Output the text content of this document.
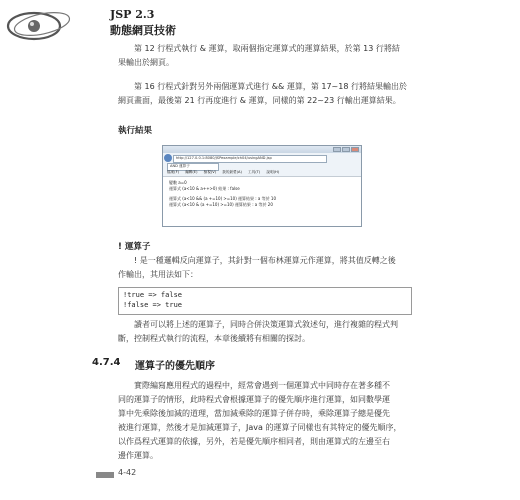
JSP 2.3
動態網頁技術
第 12 行程式執行 & 運算，取兩個指定運算式的運算結果，於第 13 行將結
果輸出於網頁。
第 16 行程式針對另外兩個運算式進行 && 運算，第 17~18 行將結果輸出於
網頁畫面，最後第 21 行再度進行 & 運算，同樣的第 22~23 行輸出運算結果。
執行結果
http://127.0.0.1:8080/JSPexample/ch04/usingAND.jsp
AND 運算子
檔案(F) 編輯(E) 檢視(V) 我的最愛(A) 工具(T) 說明(H)
變數 a=0
運算式 (a<10 & a++>0) 結果 : false
運算式 (a<10 && (a +=10) >=10) 運算結果 : a 等於 10
運算式 (a<10 & (a +=10) >=10) 運算結果 : a 等於 20
! 運算子
! 是一種邏輯反向運算子，其針對一個布林運算元作運算，將其值反轉之後
作輸出，其用法如下：
!true => false
!false => true
讀者可以將上述的運算子，同時合併決策運算式敘述句，進行複雜的程式判
斷，控制程式執行的流程，本章後續將有相關的探討。
4.7.4 運算子的優先順序
實際編寫應用程式的過程中，經常會遇到一個運算式中同時存在著多種不
同的運算子的情形，此時程式會根據運算子的優先順序進行運算，如同數學運
算中先乘除後加減的道理，當加減乘除的運算子併存時，乘除運算子總是優先
被進行運算，然後才是加減運算子，Java 的運算子同樣也有其特定的優先順序，
以作爲程式運算的依據，另外，若是優先順序相同者，則由運算式的左邊至右
邊作運算。
4-42
